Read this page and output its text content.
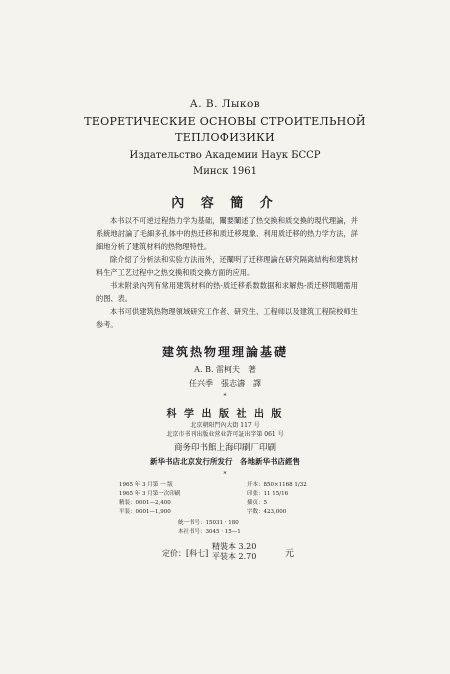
А. В. Лыков
ТЕОРЕТИЧЕСКИЕ ОСНОВЫ СТРОИТЕЛЬНОЙ
ТЕПЛОФИЗИКИ
Издательство Академии Наук БССР
Минск 1961
內 容 簡 介

本书以不可逆过程热力学为基础，闡要闡述了热交换和质交換的現代理論，并系統地討論了毛細多孔体中的热迁移和质迁移現象、利用质迁移的热力学方法，詳細地分析了建筑材料的热物理特性。

除介紹了分析法和实验方法而外，还闡明了迁移理論在研究隔离結构和建筑材料生产工艺过程中之热交換和质交換方面的应用。

书末附录內列有常用建筑材料的热-质迁移系数数据和求解热-质迁移問題需用的图、表。

本书可供建筑热物理領域研究工作者、研究生、工程师以及建筑工程院校师生参考。

建筑热物理理論基礎
А. В. 雷柯夫　著
任兴季　張志濤　譯
*
科 学 出 版 社 出 版
北京朝阳門內大街 117 号
北京市书刊出版业营业許可証出字第 061 号
商务印书館上海印刷厂印刷
新华书店北京发行所发行　各地新华书店經售
*
1965 年 3 月第 一 版
1965 年 3 月第一次印刷
精装：0001—2,400
平装：0001—1,900
开本：850×1168 1/32
印张：11 15/16
插页：5
字数：423,000
統一书号：15031 · 180
本社书号：3045 · 15—1
定价：[科七]
精裝本 3.20
平装本 2.70	元
